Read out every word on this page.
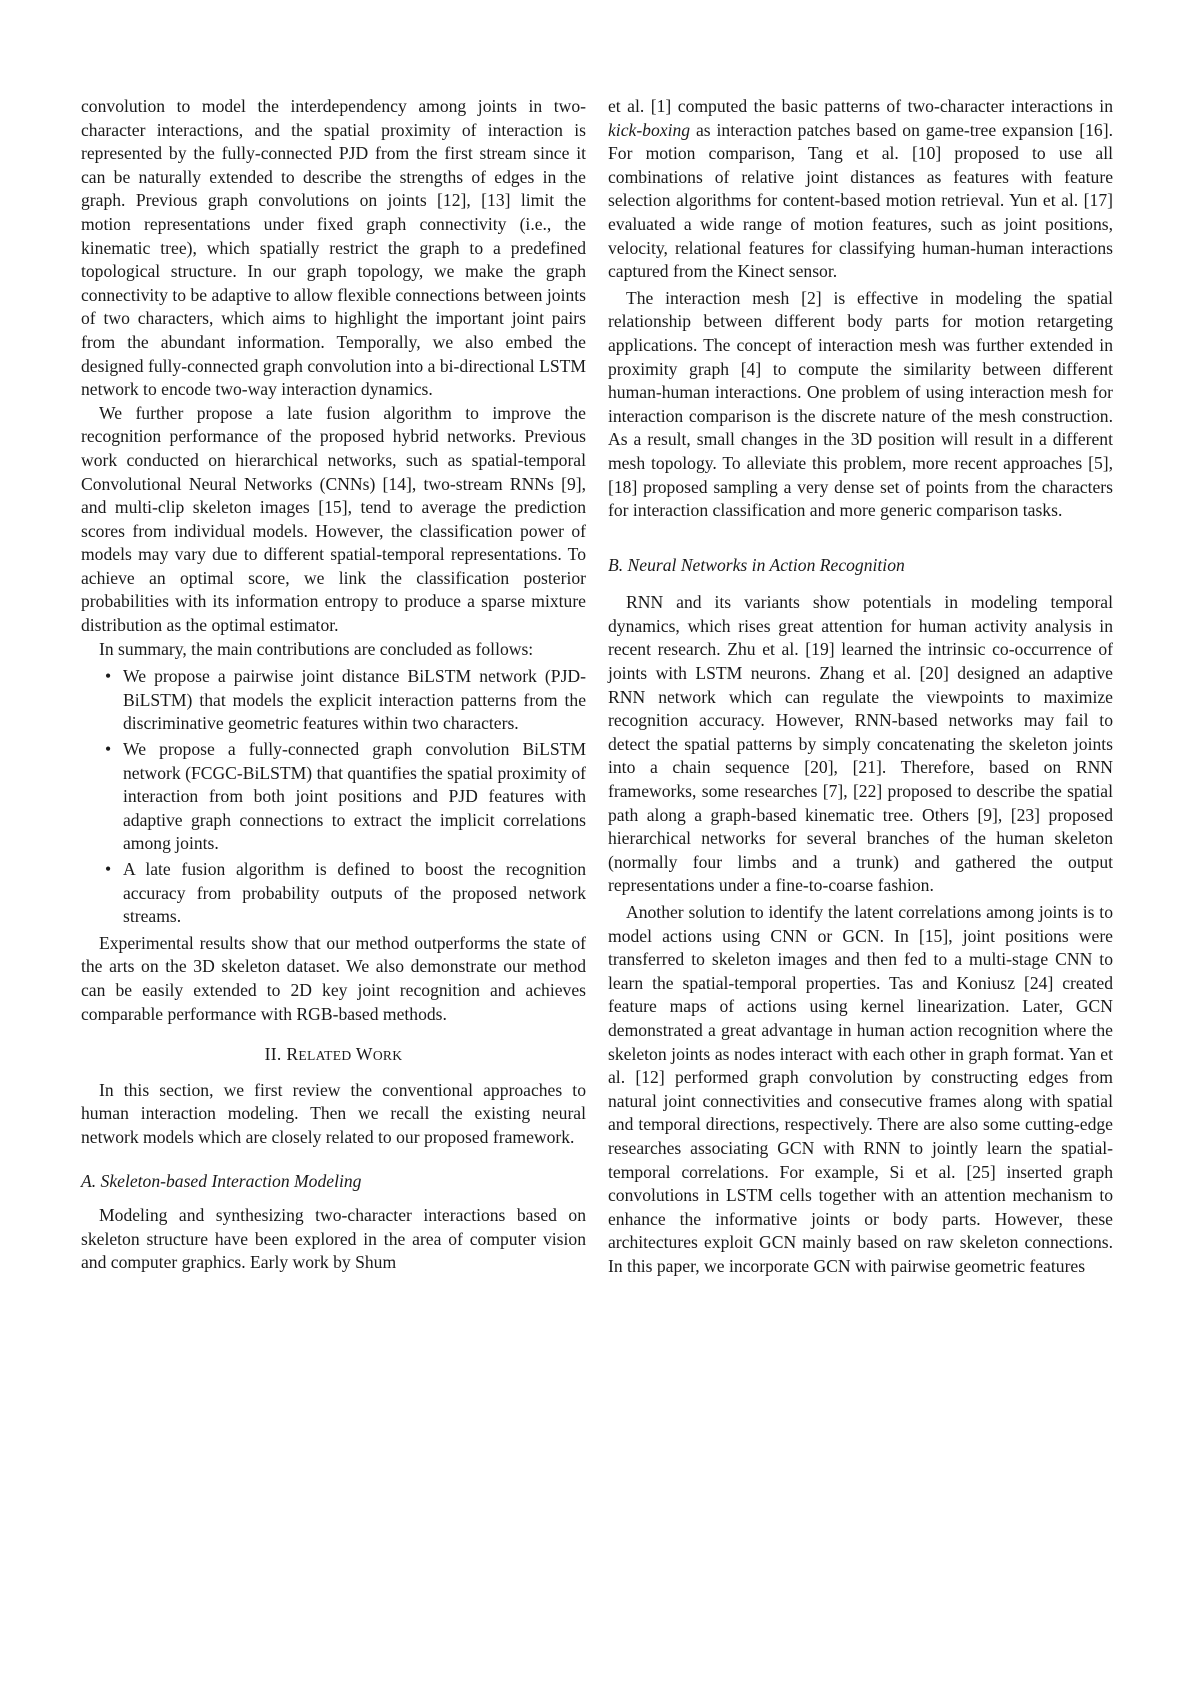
convolution to model the interdependency among joints in two-character interactions, and the spatial proximity of interaction is represented by the fully-connected PJD from the first stream since it can be naturally extended to describe the strengths of edges in the graph. Previous graph convolutions on joints [12], [13] limit the motion representations under fixed graph connectivity (i.e., the kinematic tree), which spatially restrict the graph to a predefined topological structure. In our graph topology, we make the graph connectivity to be adaptive to allow flexible connections between joints of two characters, which aims to highlight the important joint pairs from the abundant information. Temporally, we also embed the designed fully-connected graph convolution into a bi-directional LSTM network to encode two-way interaction dynamics.

We further propose a late fusion algorithm to improve the recognition performance of the proposed hybrid networks. Previous work conducted on hierarchical networks, such as spatial-temporal Convolutional Neural Networks (CNNs) [14], two-stream RNNs [9], and multi-clip skeleton images [15], tend to average the prediction scores from individual models. However, the classification power of models may vary due to different spatial-temporal representations. To achieve an optimal score, we link the classification posterior probabilities with its information entropy to produce a sparse mixture distribution as the optimal estimator.

In summary, the main contributions are concluded as follows:

• We propose a pairwise joint distance BiLSTM network (PJD-BiLSTM) that models the explicit interaction patterns from the discriminative geometric features within two characters.
• We propose a fully-connected graph convolution BiLSTM network (FCGC-BiLSTM) that quantifies the spatial proximity of interaction from both joint positions and PJD features with adaptive graph connections to extract the implicit correlations among joints.
• A late fusion algorithm is defined to boost the recognition accuracy from probability outputs of the proposed network streams.

Experimental results show that our method outperforms the state of the arts on the 3D skeleton dataset. We also demonstrate our method can be easily extended to 2D key joint recognition and achieves comparable performance with RGB-based methods.

II. RELATED WORK

In this section, we first review the conventional approaches to human interaction modeling. Then we recall the existing neural network models which are closely related to our proposed framework.

A. Skeleton-based Interaction Modeling

Modeling and synthesizing two-character interactions based on skeleton structure have been explored in the area of computer vision and computer graphics. Early work by Shum

et al. [1] computed the basic patterns of two-character interactions in kick-boxing as interaction patches based on game-tree expansion [16]. For motion comparison, Tang et al. [10] proposed to use all combinations of relative joint distances as features with feature selection algorithms for content-based motion retrieval. Yun et al. [17] evaluated a wide range of motion features, such as joint positions, velocity, relational features for classifying human-human interactions captured from the Kinect sensor.

The interaction mesh [2] is effective in modeling the spatial relationship between different body parts for motion retargeting applications. The concept of interaction mesh was further extended in proximity graph [4] to compute the similarity between different human-human interactions. One problem of using interaction mesh for interaction comparison is the discrete nature of the mesh construction. As a result, small changes in the 3D position will result in a different mesh topology. To alleviate this problem, more recent approaches [5], [18] proposed sampling a very dense set of points from the characters for interaction classification and more generic comparison tasks.

B. Neural Networks in Action Recognition

RNN and its variants show potentials in modeling temporal dynamics, which rises great attention for human activity analysis in recent research. Zhu et al. [19] learned the intrinsic co-occurrence of joints with LSTM neurons. Zhang et al. [20] designed an adaptive RNN network which can regulate the viewpoints to maximize recognition accuracy. However, RNN-based networks may fail to detect the spatial patterns by simply concatenating the skeleton joints into a chain sequence [20], [21]. Therefore, based on RNN frameworks, some researches [7], [22] proposed to describe the spatial path along a graph-based kinematic tree. Others [9], [23] proposed hierarchical networks for several branches of the human skeleton (normally four limbs and a trunk) and gathered the output representations under a fine-to-coarse fashion.

Another solution to identify the latent correlations among joints is to model actions using CNN or GCN. In [15], joint positions were transferred to skeleton images and then fed to a multi-stage CNN to learn the spatial-temporal properties. Tas and Koniusz [24] created feature maps of actions using kernel linearization. Later, GCN demonstrated a great advantage in human action recognition where the skeleton joints as nodes interact with each other in graph format. Yan et al. [12] performed graph convolution by constructing edges from natural joint connectivities and consecutive frames along with spatial and temporal directions, respectively. There are also some cutting-edge researches associating GCN with RNN to jointly learn the spatial-temporal correlations. For example, Si et al. [25] inserted graph convolutions in LSTM cells together with an attention mechanism to enhance the informative joints or body parts. However, these architectures exploit GCN mainly based on raw skeleton connections. In this paper, we incorporate GCN with pairwise geometric features
